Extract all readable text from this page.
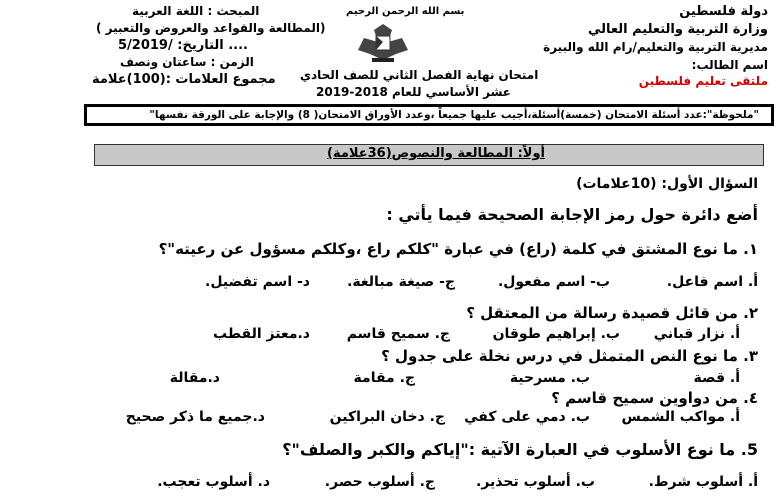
دولة فلسطين
وزارة التربية والتعليم العالي
مديرية التربية والتعليم/رام الله والبيرة
اسم الطالب:
ملتقى تعليم فلسطين
بسم الله الرحمن الرحيم
امتحان نهاية الفصل الثاني للصف الحادي
عشر الأساسي للعام 2018-2019
المبحث : اللغة العربية
(المطالعة والقواعد والعروض والتعبير )
التاريخ: /5/2019 ....
الزمن : ساعتان ونصف
مجموع العلامات :(100)علامة
"ملحوظة":عدد أسئلة الامتحان (خمسة)أسئلة،أجيب عليها جميعاً ،وعدد الأوراق الامتحان( 8) والإجابة على الورقة نفسها"
أولاً: المطالعة والنصوص(36علامة)
السؤال الأول: (10علامات)
أضع دائرة حول رمز الإجابة الصحيحة فيما يأتي :
١. ما نوع المشتق في كلمة (راع) في عبارة "كلكم راع ،وكلكم مسؤول عن رعيته"؟
أ. اسم فاعل.
ب- اسم مفعول.
ج- صيغة مبالغة.
د- اسم تفضيل.
٢. من قائل قصيدة رسالة من المعتقل ؟
أ. نزار قباني
ب. إبراهيم طوقان
ج. سميح قاسم
د.معتز القطب
٣. ما نوع النص المتمثل في درس نخلة على جدول ؟
أ. قصة
ب. مسرحية
ج. مقامة
د.مقالة
٤. من دواوين سميح قاسم ؟
أ. مواكب الشمس
ب. دمي على كفي
ج. دخان البراكين
د.جميع ما ذكر صحيح
5. ما نوع الأسلوب في العبارة الآتية :"إياكم والكبر والصلف"؟
أ. أسلوب شرط.
ب. أسلوب تحذير.
ج. أسلوب حصر.
د. أسلوب تعجب.
